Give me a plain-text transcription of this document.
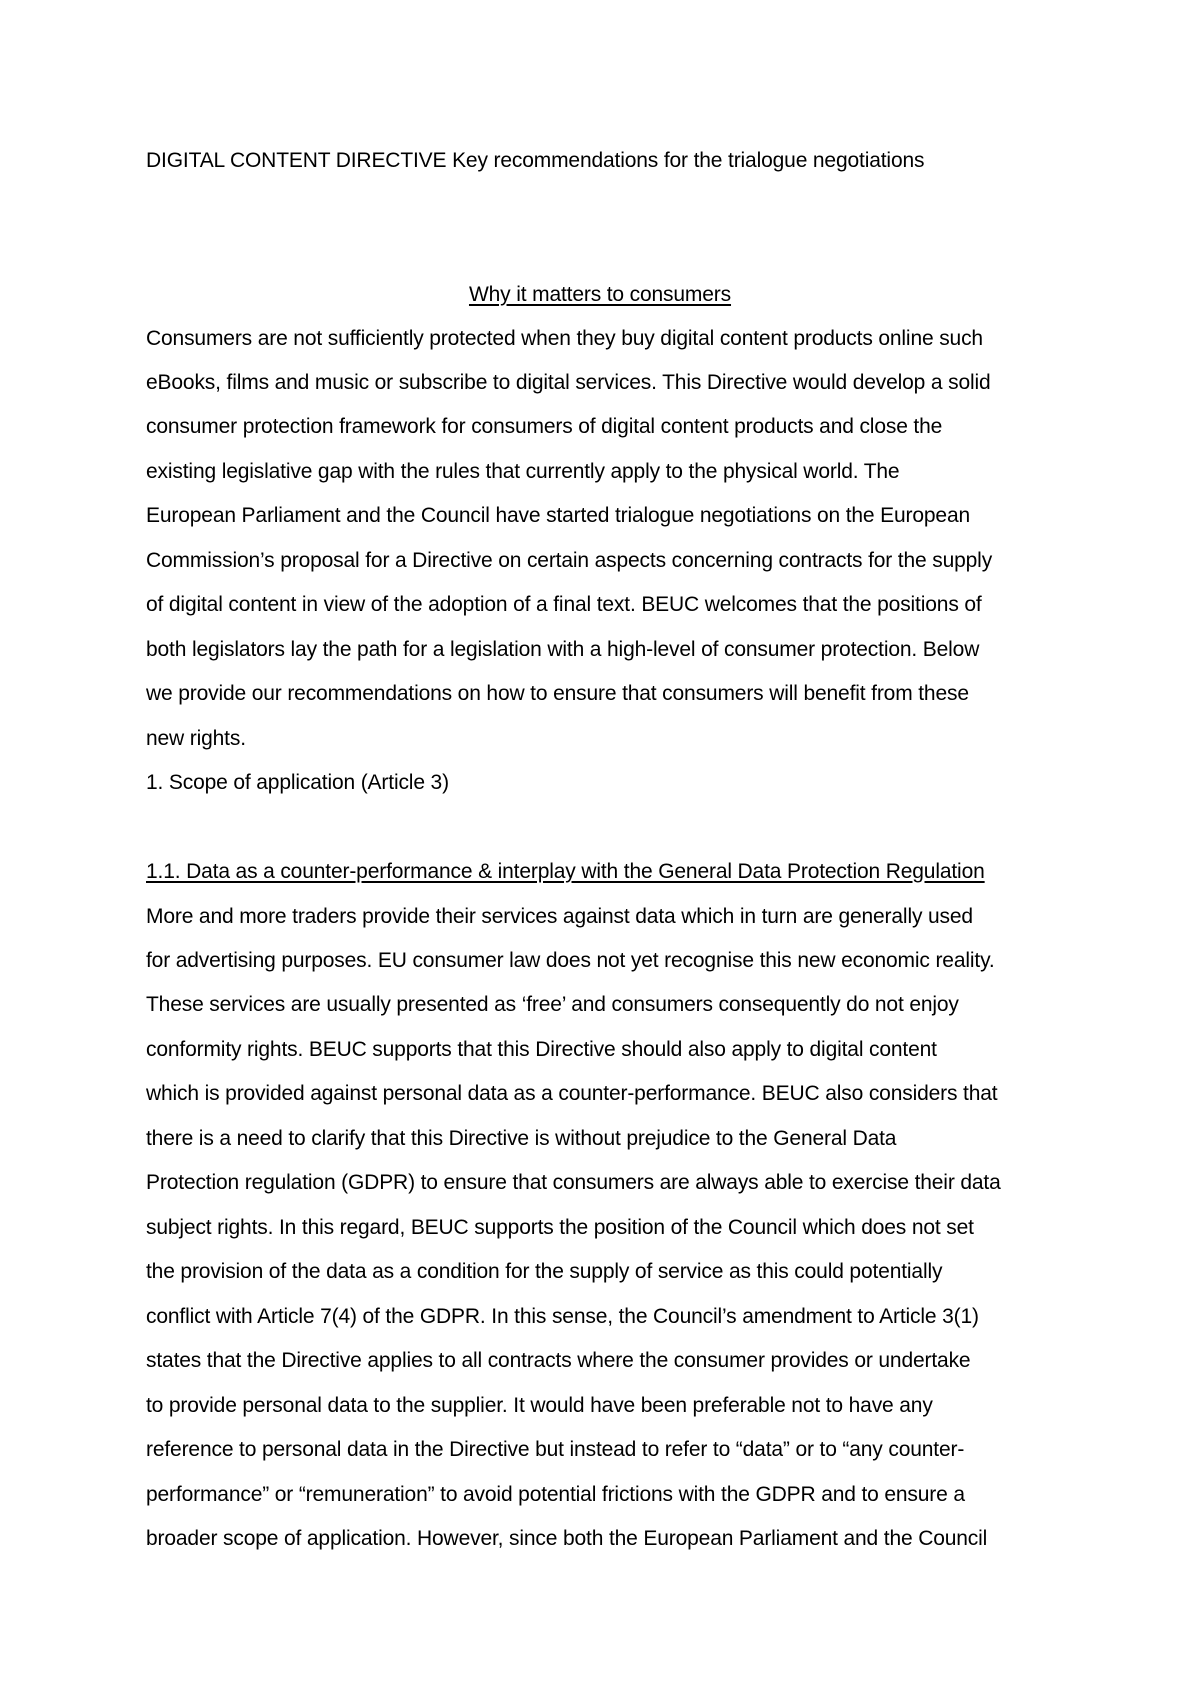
DIGITAL CONTENT DIRECTIVE Key recommendations for the trialogue negotiations
Why it matters to consumers
Consumers are not sufficiently protected when they buy digital content products online such
eBooks, films and music or subscribe to digital services. This Directive would develop a solid
consumer protection framework for consumers of digital content products and close the
existing legislative gap with the rules that currently apply to the physical world. The
European Parliament and the Council have started trialogue negotiations on the European
Commission’s proposal for a Directive on certain aspects concerning contracts for the supply
of digital content in view of the adoption of a final text. BEUC welcomes that the positions of
both legislators lay the path for a legislation with a high-level of consumer protection. Below
we provide our recommendations on how to ensure that consumers will benefit from these
new rights.
1. Scope of application (Article 3)
1.1. Data as a counter-performance & interplay with the General Data Protection Regulation
More and more traders provide their services against data which in turn are generally used
for advertising purposes. EU consumer law does not yet recognise this new economic reality.
These services are usually presented as ‘free’ and consumers consequently do not enjoy
conformity rights. BEUC supports that this Directive should also apply to digital content
which is provided against personal data as a counter-performance. BEUC also considers that
there is a need to clarify that this Directive is without prejudice to the General Data
Protection regulation (GDPR) to ensure that consumers are always able to exercise their data
subject rights. In this regard, BEUC supports the position of the Council which does not set
the provision of the data as a condition for the supply of service as this could potentially
conflict with Article 7(4) of the GDPR. In this sense, the Council’s amendment to Article 3(1)
states that the Directive applies to all contracts where the consumer provides or undertake
to provide personal data to the supplier. It would have been preferable not to have any
reference to personal data in the Directive but instead to refer to “data” or to “any counter-
performance” or “remuneration” to avoid potential frictions with the GDPR and to ensure a
broader scope of application. However, since both the European Parliament and the Council
